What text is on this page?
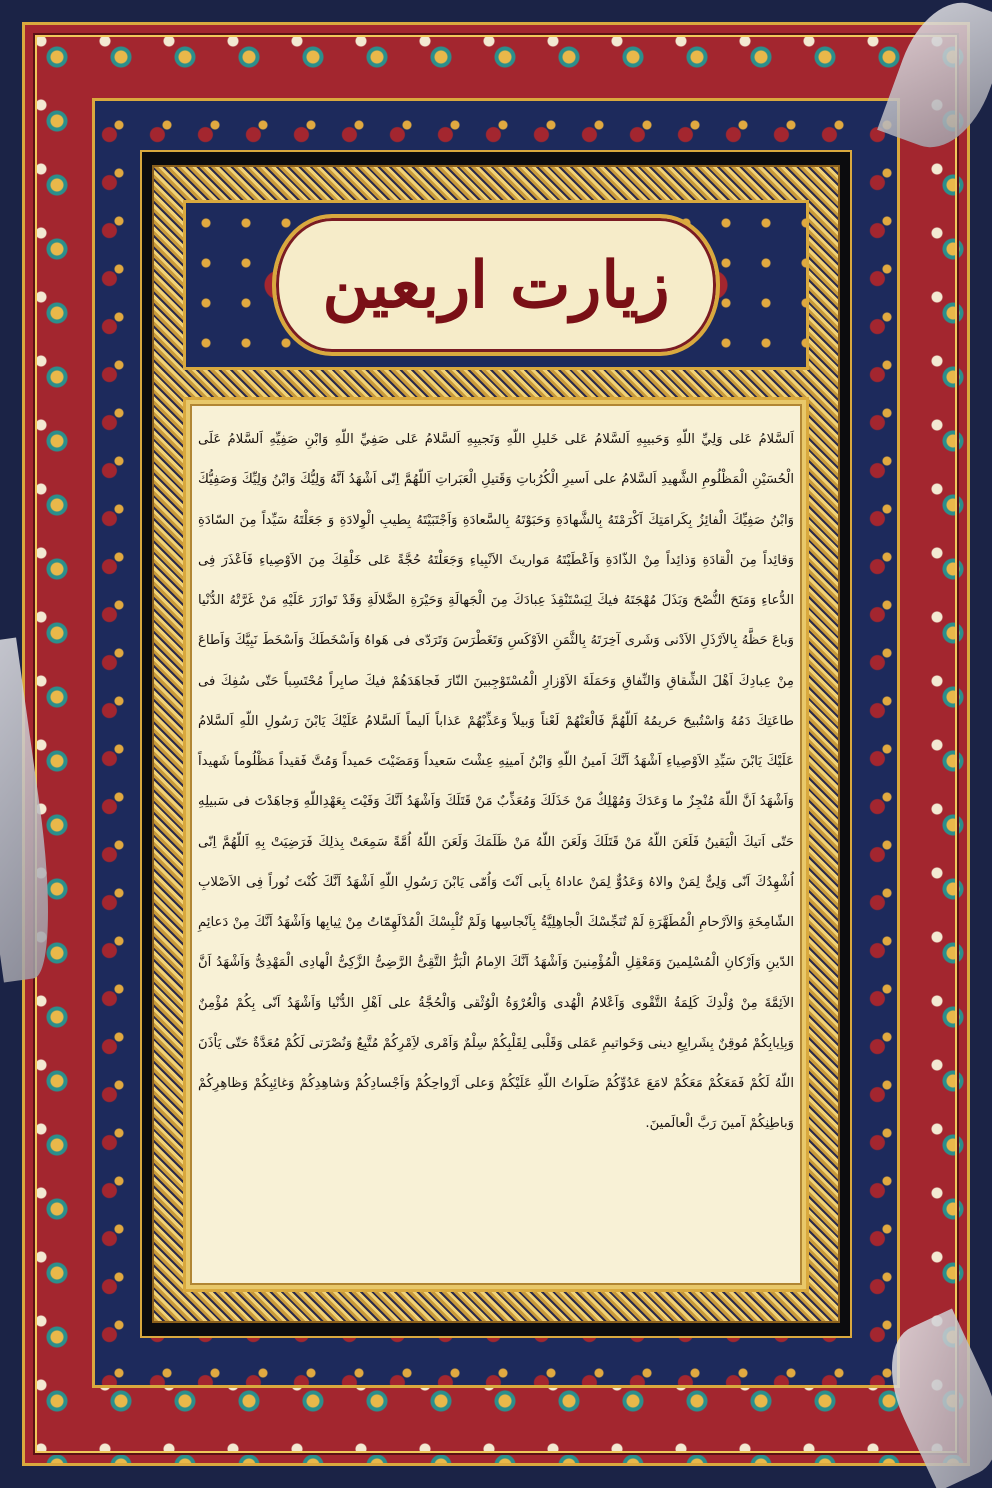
زیارت اربعین

اَلسَّلامُ عَلى وَلِيِّ اللّهِ وَحَبيبِهِ اَلسَّلامُ عَلى خَليلِ اللّهِ وَنَجيبِهِ اَلسَّلامُ عَلى صَفِيِّ اللّهِ وَابْنِ صَفِيِّهِ اَلسَّلامُ عَلَى الْحُسَيْنِ الْمَظْلُومِ الشَّهيدِ اَلسَّلامُ على اَسيرِ الْكُرُباتِ وَقَتيلِ الْعَبَراتِ اَللّهُمَّ اِنّى اَشْهَدُ اَنَّهُ وَلِيُّكَ وَابْنُ وَلِيِّكَ وَصَفِيُّكَ وَابْنُ صَفِيِّكَ الْفائِزُ بِكَرامَتِكَ اَكْرَمْتَهُ بِالشَّهادَةِ وَحَبَوْتَهُ بِالسَّعادَةِ وَاَجْتَبَيْتَهُ بِطيبِ الْوِلادَةِ وَ جَعَلْتَهُ سَيِّداً مِنَ السّادَةِ وَقائِداً مِنَ الْقادَةِ وَذائِداً مِنْ الذّادَةِ وَاَعْطَيْتَهُ مَواريثَ الاَنْبِياءِ وَجَعَلْتَهُ حُجَّةً عَلى خَلْقِكَ مِنَ الاَوْصِياءِ فَاَعْذَرَ فِى الدُّعاءِ وَمَنَحَ النُّصْحَ وَبَذَلَ مُهْجَتَهُ فيكَ لِيَسْتَنْقِذَ عِبادَكَ مِنَ الْجَهالَةِ وَحَيْرَةِ الضَّلالَةِ وَقَدْ تَوازَرَ عَلَيْهِ مَنْ غَرَّتْهُ الدُّنْيا وَباعَ حَظَّهُ بِالاَرْذَلِ الاَدْنى وَشَرى آخِرَتَهُ بِالثَّمَنِ الاَوْكَسِ وَتَغَطْرَسَ وَتَرَدّى فى هَواهُ وَاَسْخَطَكَ وَاَسْخَطَ نَبِيَّكَ وَاَطاعَ مِنْ عِبادِكَ اَهْلَ الشِّقاقِ وَالنِّفاقِ وَحَمَلَةَ الاَوْزارِ الْمُسْتَوْجِبينَ النّارَ فَجاهَدَهُمْ فيكَ صابِراً مُحْتَسِباً حَتّى سُفِكَ فى طاعَتِكَ دَمُهُ وَاسْتُبيحَ حَريمُهُ اَللّهُمَّ فَالْعَنْهُمْ لَعْناً وَبيلاً وَعَذِّبْهُمْ عَذاباً اَليماً اَلسَّلامُ عَلَيْكَ يَابْنَ رَسُولِ اللّهِ اَلسَّلامُ عَلَيْكَ يَابْنَ سَيِّدِ الاَوْصِياءِ اَشْهَدُ اَنَّكَ اَمينُ اللّهِ وَابْنُ اَمينِهِ عِشْتَ سَعيداً وَمَضَيْتَ حَميداً وَمُتَّ فَقيداً مَظْلُوماً شَهيداً وَاَشْهَدُ اَنَّ اللّهَ مُنْجِزٌ ما وَعَدَكَ وَمُهْلِكٌ مَنْ خَذَلَكَ وَمُعَذِّبٌ مَنْ قَتَلَكَ وَاَشْهَدُ اَنَّكَ وَفَيْتَ بِعَهْدِاللّهِ وَجاهَدْتَ فى سَبيلِهِ حَتّى اَتيكَ الْيَقينُ فَلَعَنَ اللّهُ مَنْ قَتَلَكَ وَلَعَنَ اللّهُ مَنْ ظَلَمَكَ وَلَعَنَ اللّهُ اُمَّةً سَمِعَتْ بِذلِكَ فَرَضِيَتْ بِهِ اَللّهُمَّ اِنّى اُشْهِدُكَ اَنّى وَلِىٌّ لِمَنْ والاهُ وَعَدُوٌّ لِمَنْ عاداهُ بِاَبى اَنْتَ وَاُمّى يَابْنَ رَسُولِ اللّهِ اَشْهَدُ اَنَّكَ كُنْتَ نُوراً فِى الاَصْلابِ الشّامِخَةِ وَالاَرْحامِ الْمُطَهَّرَةِ لَمْ تُنَجِّسْكَ الْجاهِلِيَّةُ بِاَنْجاسِها وَلَمْ تُلْبِسْكَ الْمُدْلَهِمّاتُ مِنْ ثِيابِها وَاَشْهَدُ اَنَّكَ مِنْ دَعائِمِ الدّينِ وَاَرْكانِ الْمُسْلِمينَ وَمَعْقِلِ الْمُؤْمِنينَ وَاَشْهَدُ اَنَّكَ الاِمامُ الْبَرُّ التَّقِىُّ الرَّضِىُّ الزَّكِىُّ الْهادِى الْمَهْدِىُّ وَاَشْهَدُ اَنَّ الاَئِمَّةَ مِنْ وُلْدِكَ كَلِمَةُ التَّقْوى وَاَعْلامُ الْهُدى وَالْعُرْوَةُ الْوُثْقى وَالْحُجَّةُ على اَهْلِ الدُّنْيا وَاَشْهَدُ اَنّى بِكُمْ مُؤْمِنٌ وَبِاِيابِكُمْ مُوقِنٌ بِشَرايِعِ دينى وَخَواتيمِ عَمَلى وَقَلْبى لِقَلْبِكُمْ سِلْمٌ وَاَمْرى لاَِمْرِكُمْ مُتَّبِعٌ وَنُصْرَتى لَكُمْ مُعَدَّةٌ حَتّى يَاْذَنَ اللّهُ لَكُمْ فَمَعَكُمْ مَعَكُمْ لامَعَ عَدُوِّكُمْ صَلَواتُ اللّهِ عَلَيْكُمْ وَعلى اَرْواحِكُمْ وَاَجْسادِكُمْ وَشاهِدِكُمْ وَغائِبِكُمْ وَظاهِرِكُمْ وَباطِنِكُمْ آمينَ رَبَّ الْعالَمينَ.
